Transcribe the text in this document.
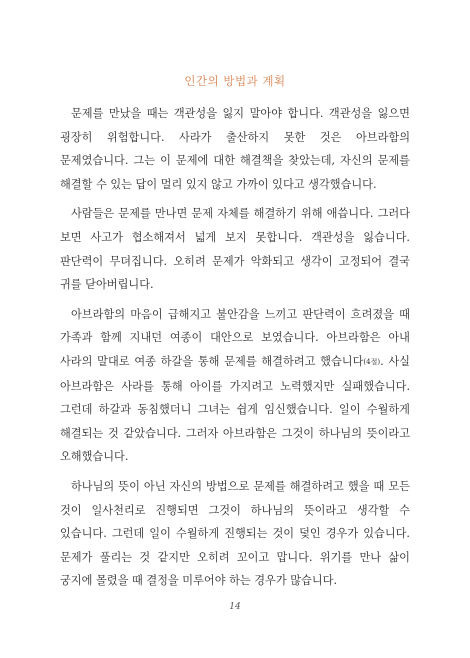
인간의 방법과 계획

문제를 만났을 때는 객관성을 잃지 말아야 합니다. 객관성을 잃으면 굉장히 위험합니다. 사라가 출산하지 못한 것은 아브라함의 문제였습니다. 그는 이 문제에 대한 해결책을 찾았는데, 자신의 문제를 해결할 수 있는 답이 멀리 있지 않고 가까이 있다고 생각했습니다.

사람들은 문제를 만나면 문제 자체를 해결하기 위해 애씁니다. 그러다 보면 사고가 협소해져서 넓게 보지 못합니다. 객관성을 잃습니다. 판단력이 무뎌집니다. 오히려 문제가 악화되고 생각이 고정되어 결국 귀를 닫아버립니다.

아브라함의 마음이 급해지고 불안감을 느끼고 판단력이 흐려졌을 때 가족과 함께 지내던 여종이 대안으로 보였습니다. 아브라함은 아내 사라의 말대로 여종 하갈을 통해 문제를 해결하려고 했습니다(4절). 사실 아브라함은 사라를 통해 아이를 가지려고 노력했지만 실패했습니다. 그런데 하갈과 동침했더니 그녀는 쉽게 임신했습니다. 일이 수월하게 해결되는 것 같았습니다. 그러자 아브라함은 그것이 하나님의 뜻이라고 오해했습니다.

하나님의 뜻이 아닌 자신의 방법으로 문제를 해결하려고 했을 때 모든 것이 일사천리로 진행되면 그것이 하나님의 뜻이라고 생각할 수 있습니다. 그런데 일이 수월하게 진행되는 것이 덫인 경우가 있습니다. 문제가 풀리는 것 같지만 오히려 꼬이고 맙니다. 위기를 만나 삶이 궁지에 몰렸을 때 결정을 미루어야 하는 경우가 많습니다.

14
